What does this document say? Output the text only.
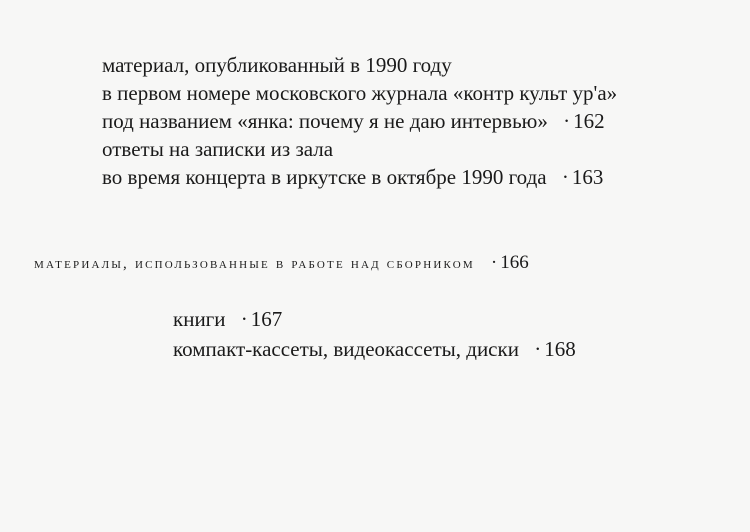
материал, опубликованный в 1990 году
в первом номере московского журнала «контр культ ур'а»
под названием «янка: почему я не даю интервью» · 162
ответы на записки из зала
во время концерта в иркутске в октябре 1990 года · 163
материалы, использованные в работе над сборником · 166
книги · 167
компакт-кассеты, видеокассеты, диски · 168
